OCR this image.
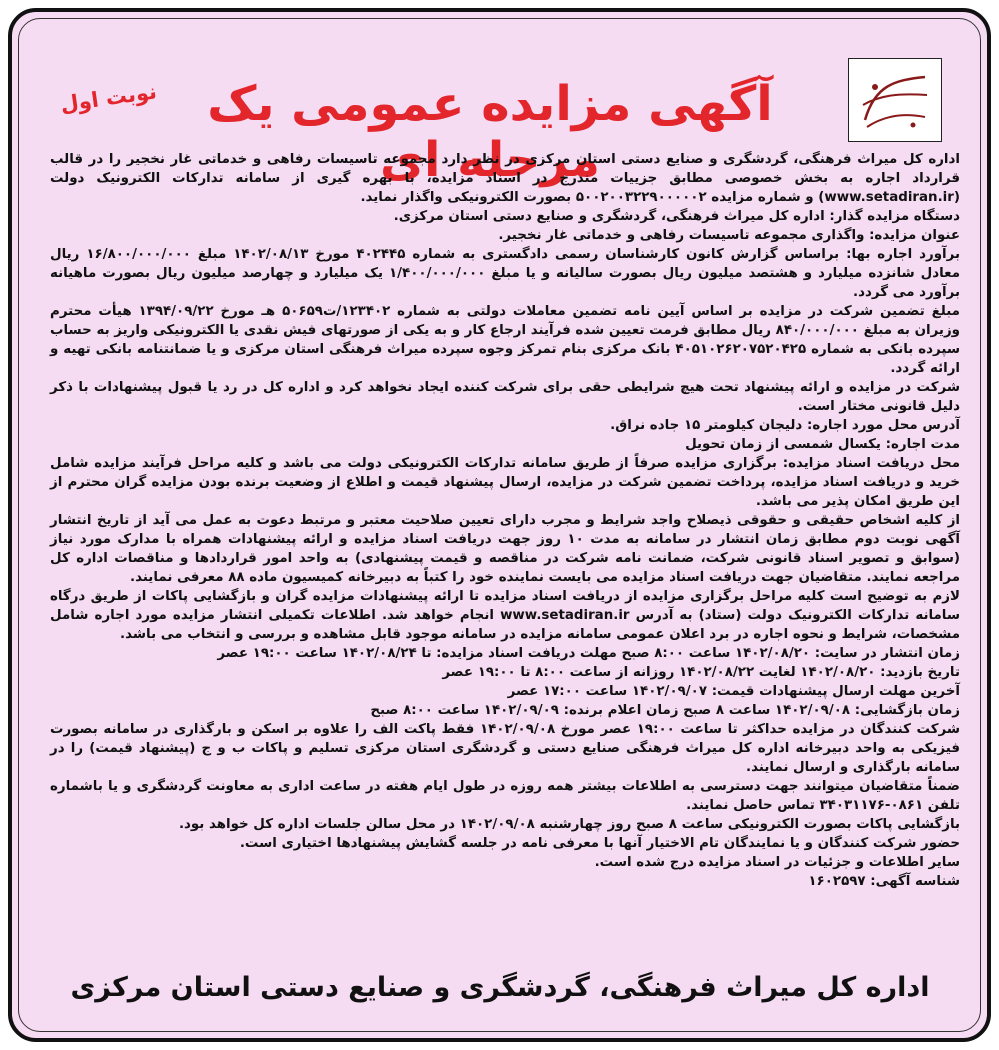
نوبت اول	آگهی مزایده عمومی یک مرحله ای

اداره کل میراث فرهنگی، گردشگری و صنایع دستی استان مرکزی در نظر دارد مجموعه تاسیسات رفاهی و خدماتی غار نخجیر را در قالب قرارداد اجاره به بخش خصوصی مطابق جزییات مندرج در اسناد مزایده، با بهره گیری از سامانه تدارکات الکترونیک دولت (www.setadiran.ir) و شماره مزایده ۵۰۰۲۰۰۳۲۲۹۰۰۰۰۰۲ بصورت الکترونیکی واگذار نماید.

دستگاه مزایده گذار: اداره کل میراث فرهنگی، گردشگری و صنایع دستی استان مرکزی.

عنوان مزایده: واگذاری مجموعه تاسیسات رفاهی و خدماتی غار نخجیر.

برآورد اجاره بها: براساس گزارش کانون کارشناسان رسمی دادگستری به شماره ۴۰۲۴۴۵ مورخ ۱۴۰۲/۰۸/۱۳ مبلغ ۱۶/۸۰۰/۰۰۰/۰۰۰ ریال معادل شانزده میلیارد و هشتصد میلیون ریال بصورت سالیانه و یا مبلغ ۱/۴۰۰/۰۰۰/۰۰۰ یک میلیارد و چهارصد میلیون ریال بصورت ماهیانه برآورد می گردد.

مبلغ تضمین شرکت در مزایده بر اساس آیین نامه تضمین معاملات دولتی به شماره ۱۲۳۴۰۲/ت۵۰۶۵۹ هـ مورخ ۱۳۹۴/۰۹/۲۲ هیأت محترم وزیران به مبلغ ۸۴۰/۰۰۰/۰۰۰ ریال مطابق فرمت تعیین شده فرآیند ارجاع کار و به یکی از صورتهای فیش نقدی یا الکترونیکی واریز به حساب سپرده بانکی به شماره ۴۰۵۱۰۲۶۲۰۷۵۲۰۴۲۵ بانک مرکزی بنام تمرکز وجوه سپرده میراث فرهنگی استان مرکزی و یا ضمانتنامه بانکی تهیه و ارائه گردد.

شرکت در مزایده و ارائه پیشنهاد تحت هیچ شرایطی حقی برای شرکت کننده ایجاد نخواهد کرد و اداره کل در رد یا قبول پیشنهادات با ذکر دلیل قانونی مختار است.

آدرس محل مورد اجاره: دلیجان کیلومتر ۱۵ جاده نراق.

مدت اجاره: یکسال شمسی از زمان تحویل

محل دریافت اسناد مزایده: برگزاری مزایده صرفاً از طریق سامانه تدارکات الکترونیکی دولت می باشد و کلیه مراحل فرآیند مزایده شامل خرید و دریافت اسناد مزایده، پرداخت تضمین شرکت در مزایده، ارسال پیشنهاد قیمت و اطلاع از وضعیت برنده بودن مزایده گران محترم از این طریق امکان پذیر می باشد.

از کلیه اشخاص حقیقی و حقوقی ذیصلاح واجد شرایط و مجرب دارای تعیین صلاحیت معتبر و مرتبط دعوت به عمل می آید از تاریخ انتشار آگهی نوبت دوم مطابق زمان انتشار در سامانه به مدت ۱۰ روز جهت دریافت اسناد مزایده و ارائه پیشنهادات همراه با مدارک مورد نیاز (سوابق و تصویر اسناد قانونی شرکت، ضمانت نامه شرکت در مناقصه و قیمت پیشنهادی) به واحد امور قراردادها و مناقصات اداره کل مراجعه نمایند. متقاضیان جهت دریافت اسناد مزایده می بایست نماینده خود را کتباً به دبیرخانه کمیسیون ماده ۸۸ معرفی نمایند.

لازم به توضیح است کلیه مراحل برگزاری مزایده از دریافت اسناد مزایده تا ارائه پیشنهادات مزایده گران و بازگشایی پاکات از طریق درگاه سامانه تدارکات الکترونیک دولت (ستاد) به آدرس www.setadiran.ir انجام خواهد شد. اطلاعات تکمیلی انتشار مزایده مورد اجاره شامل مشخصات، شرایط و نحوه اجاره در برد اعلان عمومی سامانه مزایده در سامانه موجود قابل مشاهده و بررسی و انتخاب می باشد.

زمان انتشار در سایت: ۱۴۰۲/۰۸/۲۰ ساعت ۸:۰۰ صبح مهلت دریافت اسناد مزایده: تا ۱۴۰۲/۰۸/۲۴ ساعت ۱۹:۰۰ عصر

تاریخ بازدید: ۱۴۰۲/۰۸/۲۰ لغایت ۱۴۰۲/۰۸/۲۲ روزانه از ساعت ۸:۰۰ تا ۱۹:۰۰ عصر

آخرین مهلت ارسال پیشنهادات قیمت: ۱۴۰۲/۰۹/۰۷ ساعت ۱۷:۰۰ عصر

زمان بازگشایی: ۱۴۰۲/۰۹/۰۸ ساعت ۸ صبح زمان اعلام برنده: ۱۴۰۲/۰۹/۰۹ ساعت ۸:۰۰ صبح

شرکت کنندگان در مزایده حداکثر تا ساعت ۱۹:۰۰ عصر مورخ ۱۴۰۲/۰۹/۰۸ فقط پاکت الف را علاوه بر اسکن و بارگذاری در سامانه بصورت فیزیکی به واحد دبیرخانه اداره کل میراث فرهنگی صنایع دستی و گردشگری استان مرکزی تسلیم و پاکات ب و ج (پیشنهاد قیمت) را در سامانه بارگذاری و ارسال نمایند.

ضمناً متقاضیان میتوانند جهت دسترسی به اطلاعات بیشتر همه روزه در طول ایام هفته در ساعت اداری به معاونت گردشگری و یا باشماره تلفن ۰۸۶۱-۳۴۰۳۱۱۷۶ تماس حاصل نمایند.

بازگشایی پاکات بصورت الکترونیکی ساعت ۸ صبح روز چهارشنبه ۱۴۰۲/۰۹/۰۸ در محل سالن جلسات اداره کل خواهد بود.

حضور شرکت کنندگان و یا نمایندگان تام الاختیار آنها با معرفی نامه در جلسه گشایش پیشنهادها اختیاری است.

سایر اطلاعات و جزئیات در اسناد مزایده درج شده است.

شناسه آگهی: ۱۶۰۲۵۹۷

اداره کل میراث فرهنگی، گردشگری و صنایع دستی استان مرکزی
